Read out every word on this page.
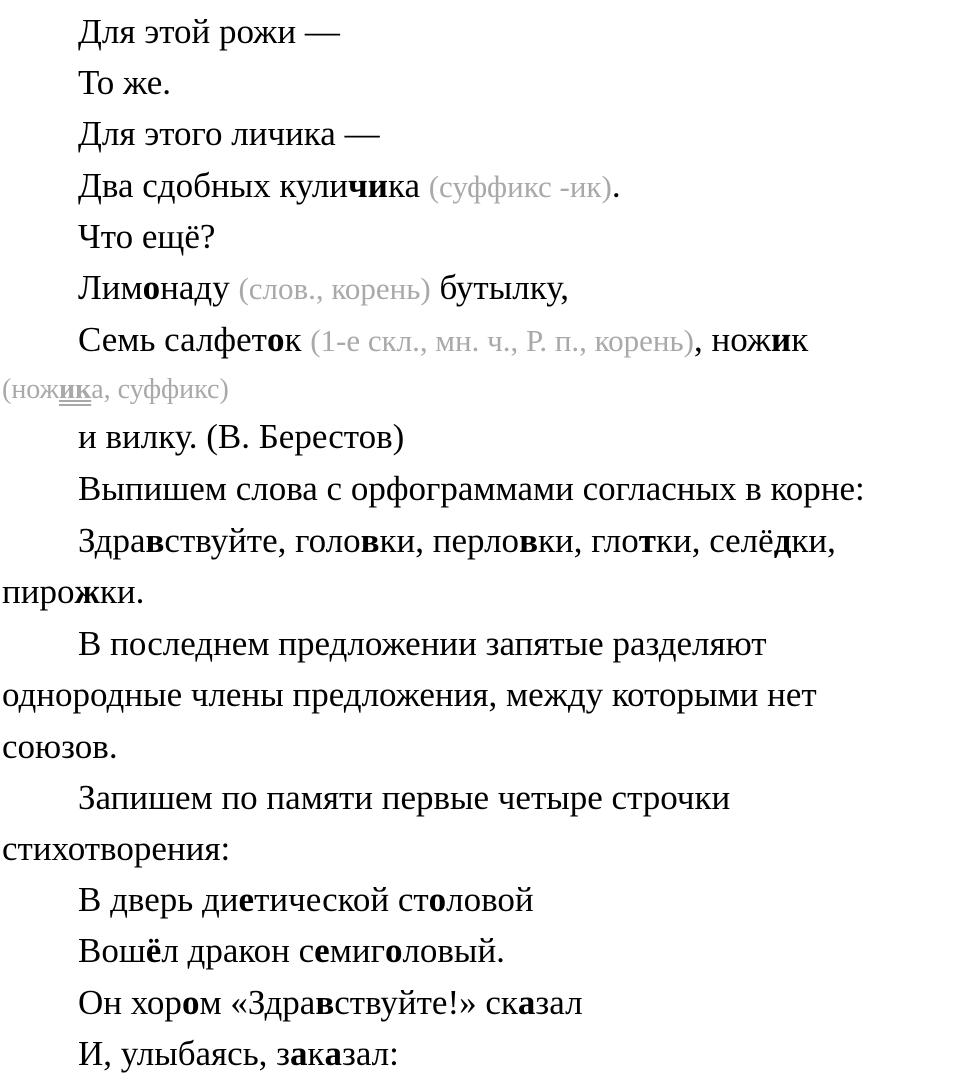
Для этой рожи —
То же.
Для этого личика —
Два сдобных куличика (суффикс -ик).
Что ещё?
Лимонаду (слов., корень) бутылку,
Семь салфеток (1-е скл., мн. ч., Р. п., корень), ножик
(ножика, суффикс)
и вилку. (В. Берестов)
Выпишем слова с орфограммами согласных в корне:
Здравствуйте, головки, перловки, глотки, селёдки,
пирожки.
В последнем предложении запятые разделяют
однородные члены предложения, между которыми нет
союзов.
Запишем по памяти первые четыре строчки
стихотворения:
В дверь диетической столовой
Вошёл дракон семиголовый.
Он хором «Здравствуйте!» сказал
И, улыбаясь, заказал:
